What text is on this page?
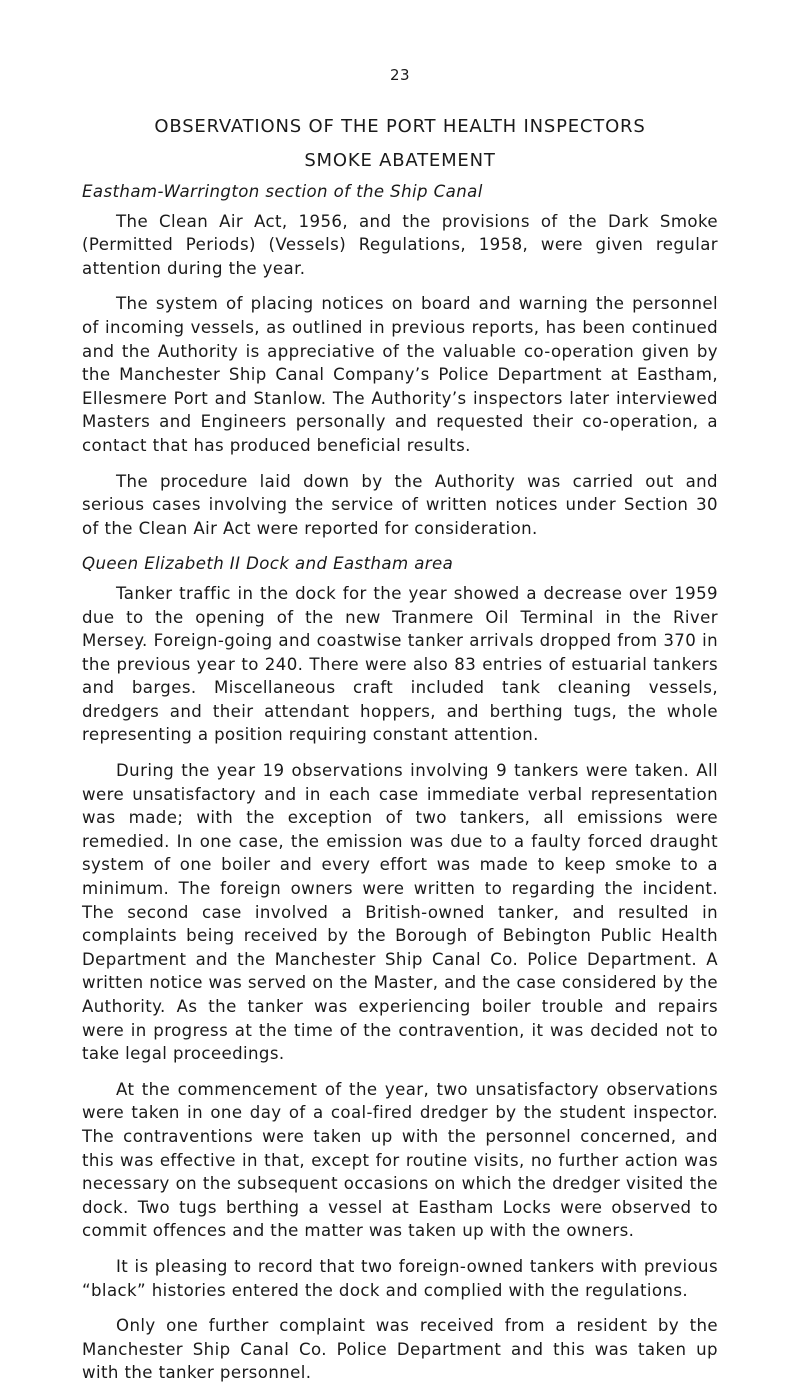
23
OBSERVATIONS OF THE PORT HEALTH INSPECTORS
SMOKE ABATEMENT
Eastham-Warrington section of the Ship Canal

The Clean Air Act, 1956, and the provisions of the Dark Smoke (Permitted Periods) (Vessels) Regulations, 1958, were given regular attention during the year.

The system of placing notices on board and warning the personnel of incoming vessels, as outlined in previous reports, has been continued and the Authority is appreciative of the valuable co-operation given by the Manchester Ship Canal Company’s Police Department at Eastham, Ellesmere Port and Stanlow. The Authority’s inspectors later interviewed Masters and Engineers personally and requested their co-operation, a contact that has produced beneficial results.

The procedure laid down by the Authority was carried out and serious cases involving the service of written notices under Section 30 of the Clean Air Act were reported for consideration.

Queen Elizabeth II Dock and Eastham area

Tanker traffic in the dock for the year showed a decrease over 1959 due to the opening of the new Tranmere Oil Terminal in the River Mersey. Foreign-going and coastwise tanker arrivals dropped from 370 in the previous year to 240. There were also 83 entries of estuarial tankers and barges. Miscellaneous craft included tank cleaning vessels, dredgers and their attendant hoppers, and berthing tugs, the whole representing a position requiring constant attention.

During the year 19 observations involving 9 tankers were taken. All were unsatisfactory and in each case immediate verbal representation was made; with the exception of two tankers, all emissions were remedied. In one case, the emission was due to a faulty forced draught system of one boiler and every effort was made to keep smoke to a minimum. The foreign owners were written to regarding the incident. The second case involved a British-owned tanker, and resulted in complaints being received by the Borough of Bebington Public Health Department and the Manchester Ship Canal Co. Police Department. A written notice was served on the Master, and the case considered by the Authority. As the tanker was experiencing boiler trouble and repairs were in progress at the time of the contravention, it was decided not to take legal proceedings.

At the commencement of the year, two unsatisfactory observations were taken in one day of a coal-fired dredger by the student inspector. The contraventions were taken up with the personnel concerned, and this was effective in that, except for routine visits, no further action was necessary on the subsequent occasions on which the dredger visited the dock. Two tugs berthing a vessel at Eastham Locks were observed to commit offences and the matter was taken up with the owners.

It is pleasing to record that two foreign-owned tankers with previous “black” histories entered the dock and complied with the regulations.

Only one further complaint was received from a resident by the Manchester Ship Canal Co. Police Department and this was taken up with the tanker personnel.
